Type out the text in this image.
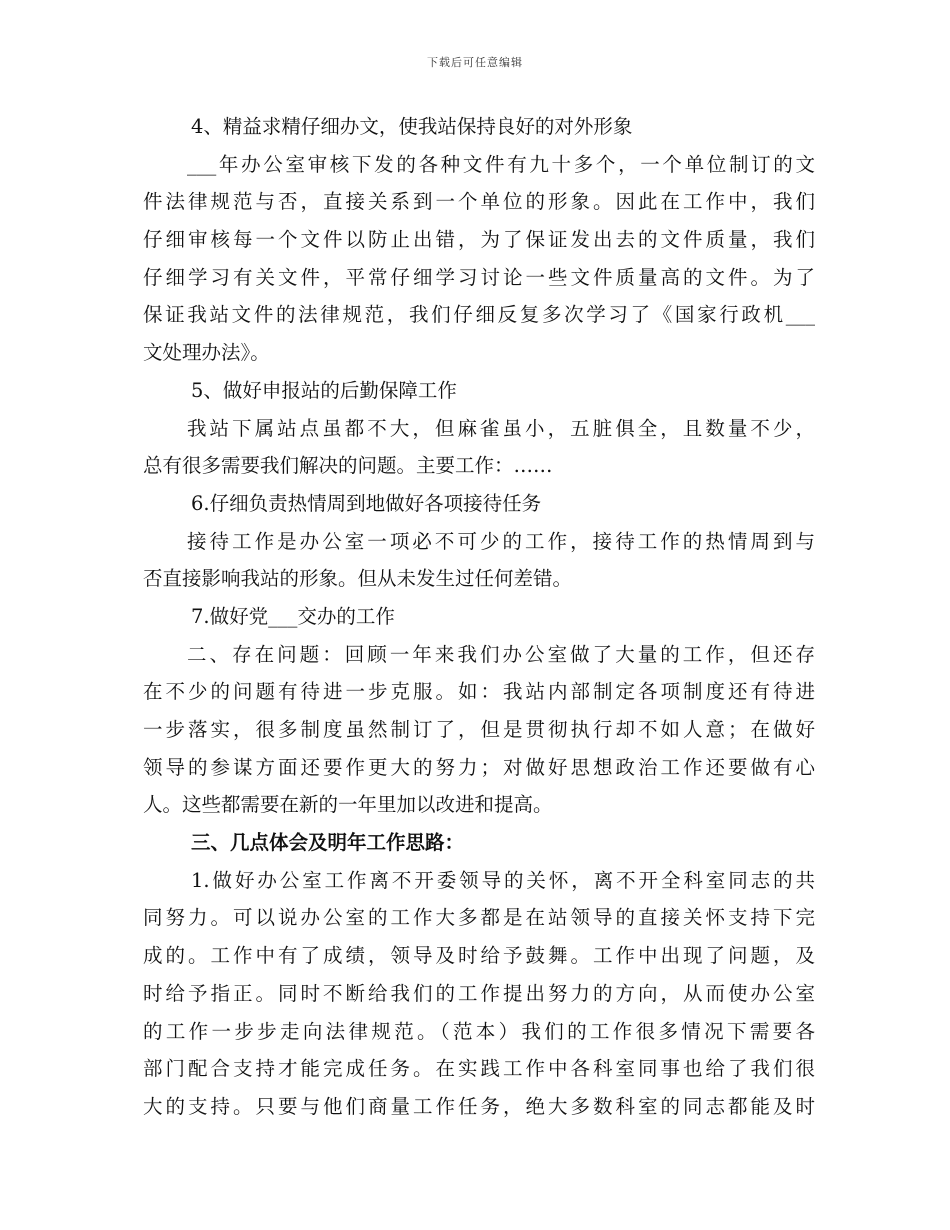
下载后可任意编辑
4、精益求精仔细办文，使我站保持良好的对外形象
___年办公室审核下发的各种文件有九十多个，一个单位制订的文
件法律规范与否，直接关系到一个单位的形象。因此在工作中，我们
仔细审核每一个文件以防止出错，为了保证发出去的文件质量，我们
仔细学习有关文件，平常仔细学习讨论一些文件质量高的文件。为了
保证我站文件的法律规范，我们仔细反复多次学习了《国家行政机___
文处理办法》。
5、做好申报站的后勤保障工作
我站下属站点虽都不大，但麻雀虽小，五脏俱全，且数量不少，
总有很多需要我们解决的问题。主要工作：……
6.仔细负责热情周到地做好各项接待任务
接待工作是办公室一项必不可少的工作，接待工作的热情周到与
否直接影响我站的形象。但从未发生过任何差错。
7.做好党___交办的工作
二、存在问题：回顾一年来我们办公室做了大量的工作，但还存
在不少的问题有待进一步克服。如：我站内部制定各项制度还有待进
一步落实，很多制度虽然制订了，但是贯彻执行却不如人意；在做好
领导的参谋方面还要作更大的努力；对做好思想政治工作还要做有心
人。这些都需要在新的一年里加以改进和提高。
三、几点体会及明年工作思路：
1.做好办公室工作离不开委领导的关怀，离不开全科室同志的共
同努力。可以说办公室的工作大多都是在站领导的直接关怀支持下完
成的。工作中有了成绩，领导及时给予鼓舞。工作中出现了问题，及
时给予指正。同时不断给我们的工作提出努力的方向，从而使办公室
的工作一步步走向法律规范。（范本）我们的工作很多情况下需要各
部门配合支持才能完成任务。在实践工作中各科室同事也给了我们很
大的支持。只要与他们商量工作任务，绝大多数科室的同志都能及时
